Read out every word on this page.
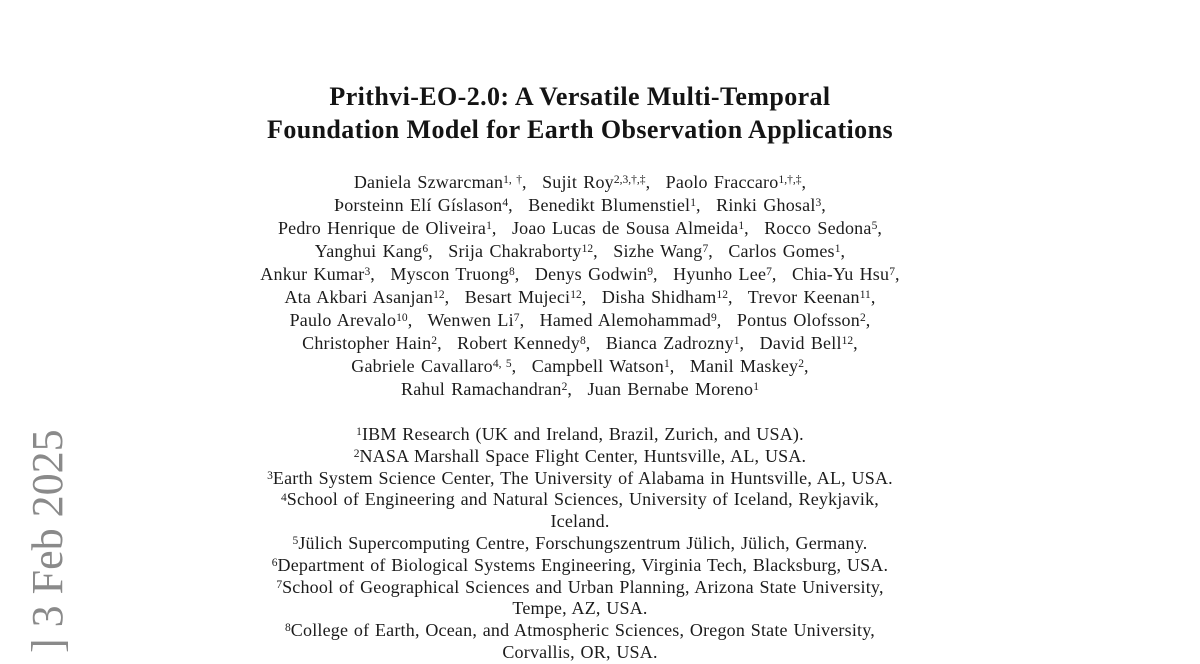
] 3 Feb 2025
Prithvi-EO-2.0: A Versatile Multi-Temporal
Foundation Model for Earth Observation Applications
Daniela Szwarcman$^{1, \dagger}$,  Sujit Roy$^{2,3,\dagger,\ddagger}$,  Paolo Fraccaro$^{1,\dagger,\ddagger}$,
Þorsteinn Elí Gíslason$^4$,  Benedikt Blumenstiel$^1$,  Rinki Ghosal$^3$,
Pedro Henrique de Oliveira$^1$,  Joao Lucas de Sousa Almeida$^1$,  Rocco Sedona$^5$,
Yanghui Kang$^6$,  Srija Chakraborty$^{12}$,  Sizhe Wang$^7$,  Carlos Gomes$^1$,
Ankur Kumar$^3$,  Myscon Truong$^8$,  Denys Godwin$^9$,  Hyunho Lee$^7$,  Chia-Yu Hsu$^7$,
Ata Akbari Asanjan$^{12}$,  Besart Mujeci$^{12}$,  Disha Shidham$^{12}$,  Trevor Keenan$^{11}$,
Paulo Arevalo$^{10}$,  Wenwen Li$^7$,  Hamed Alemohammad$^9$,  Pontus Olofsson$^2$,
Christopher Hain$^2$,  Robert Kennedy$^8$,  Bianca Zadrozny$^1$,  David Bell$^{12}$,
Gabriele Cavallaro$^{4, 5}$,  Campbell Watson$^1$,  Manil Maskey$^2$,
Rahul Ramachandran$^2$,  Juan Bernabe Moreno$^1$
$^1$IBM Research (UK and Ireland, Brazil, Zurich, and USA).
$^2$NASA Marshall Space Flight Center, Huntsville, AL, USA.
$^3$Earth System Science Center, The University of Alabama in Huntsville, AL, USA.
$^4$School of Engineering and Natural Sciences, University of Iceland, Reykjavik,
Iceland.
$^5$Jülich Supercomputing Centre, Forschungszentrum Jülich, Jülich, Germany.
$^6$Department of Biological Systems Engineering, Virginia Tech, Blacksburg, USA.
$^7$School of Geographical Sciences and Urban Planning, Arizona State University,
Tempe, AZ, USA.
$^8$College of Earth, Ocean, and Atmospheric Sciences, Oregon State University,
Corvallis, OR, USA.
